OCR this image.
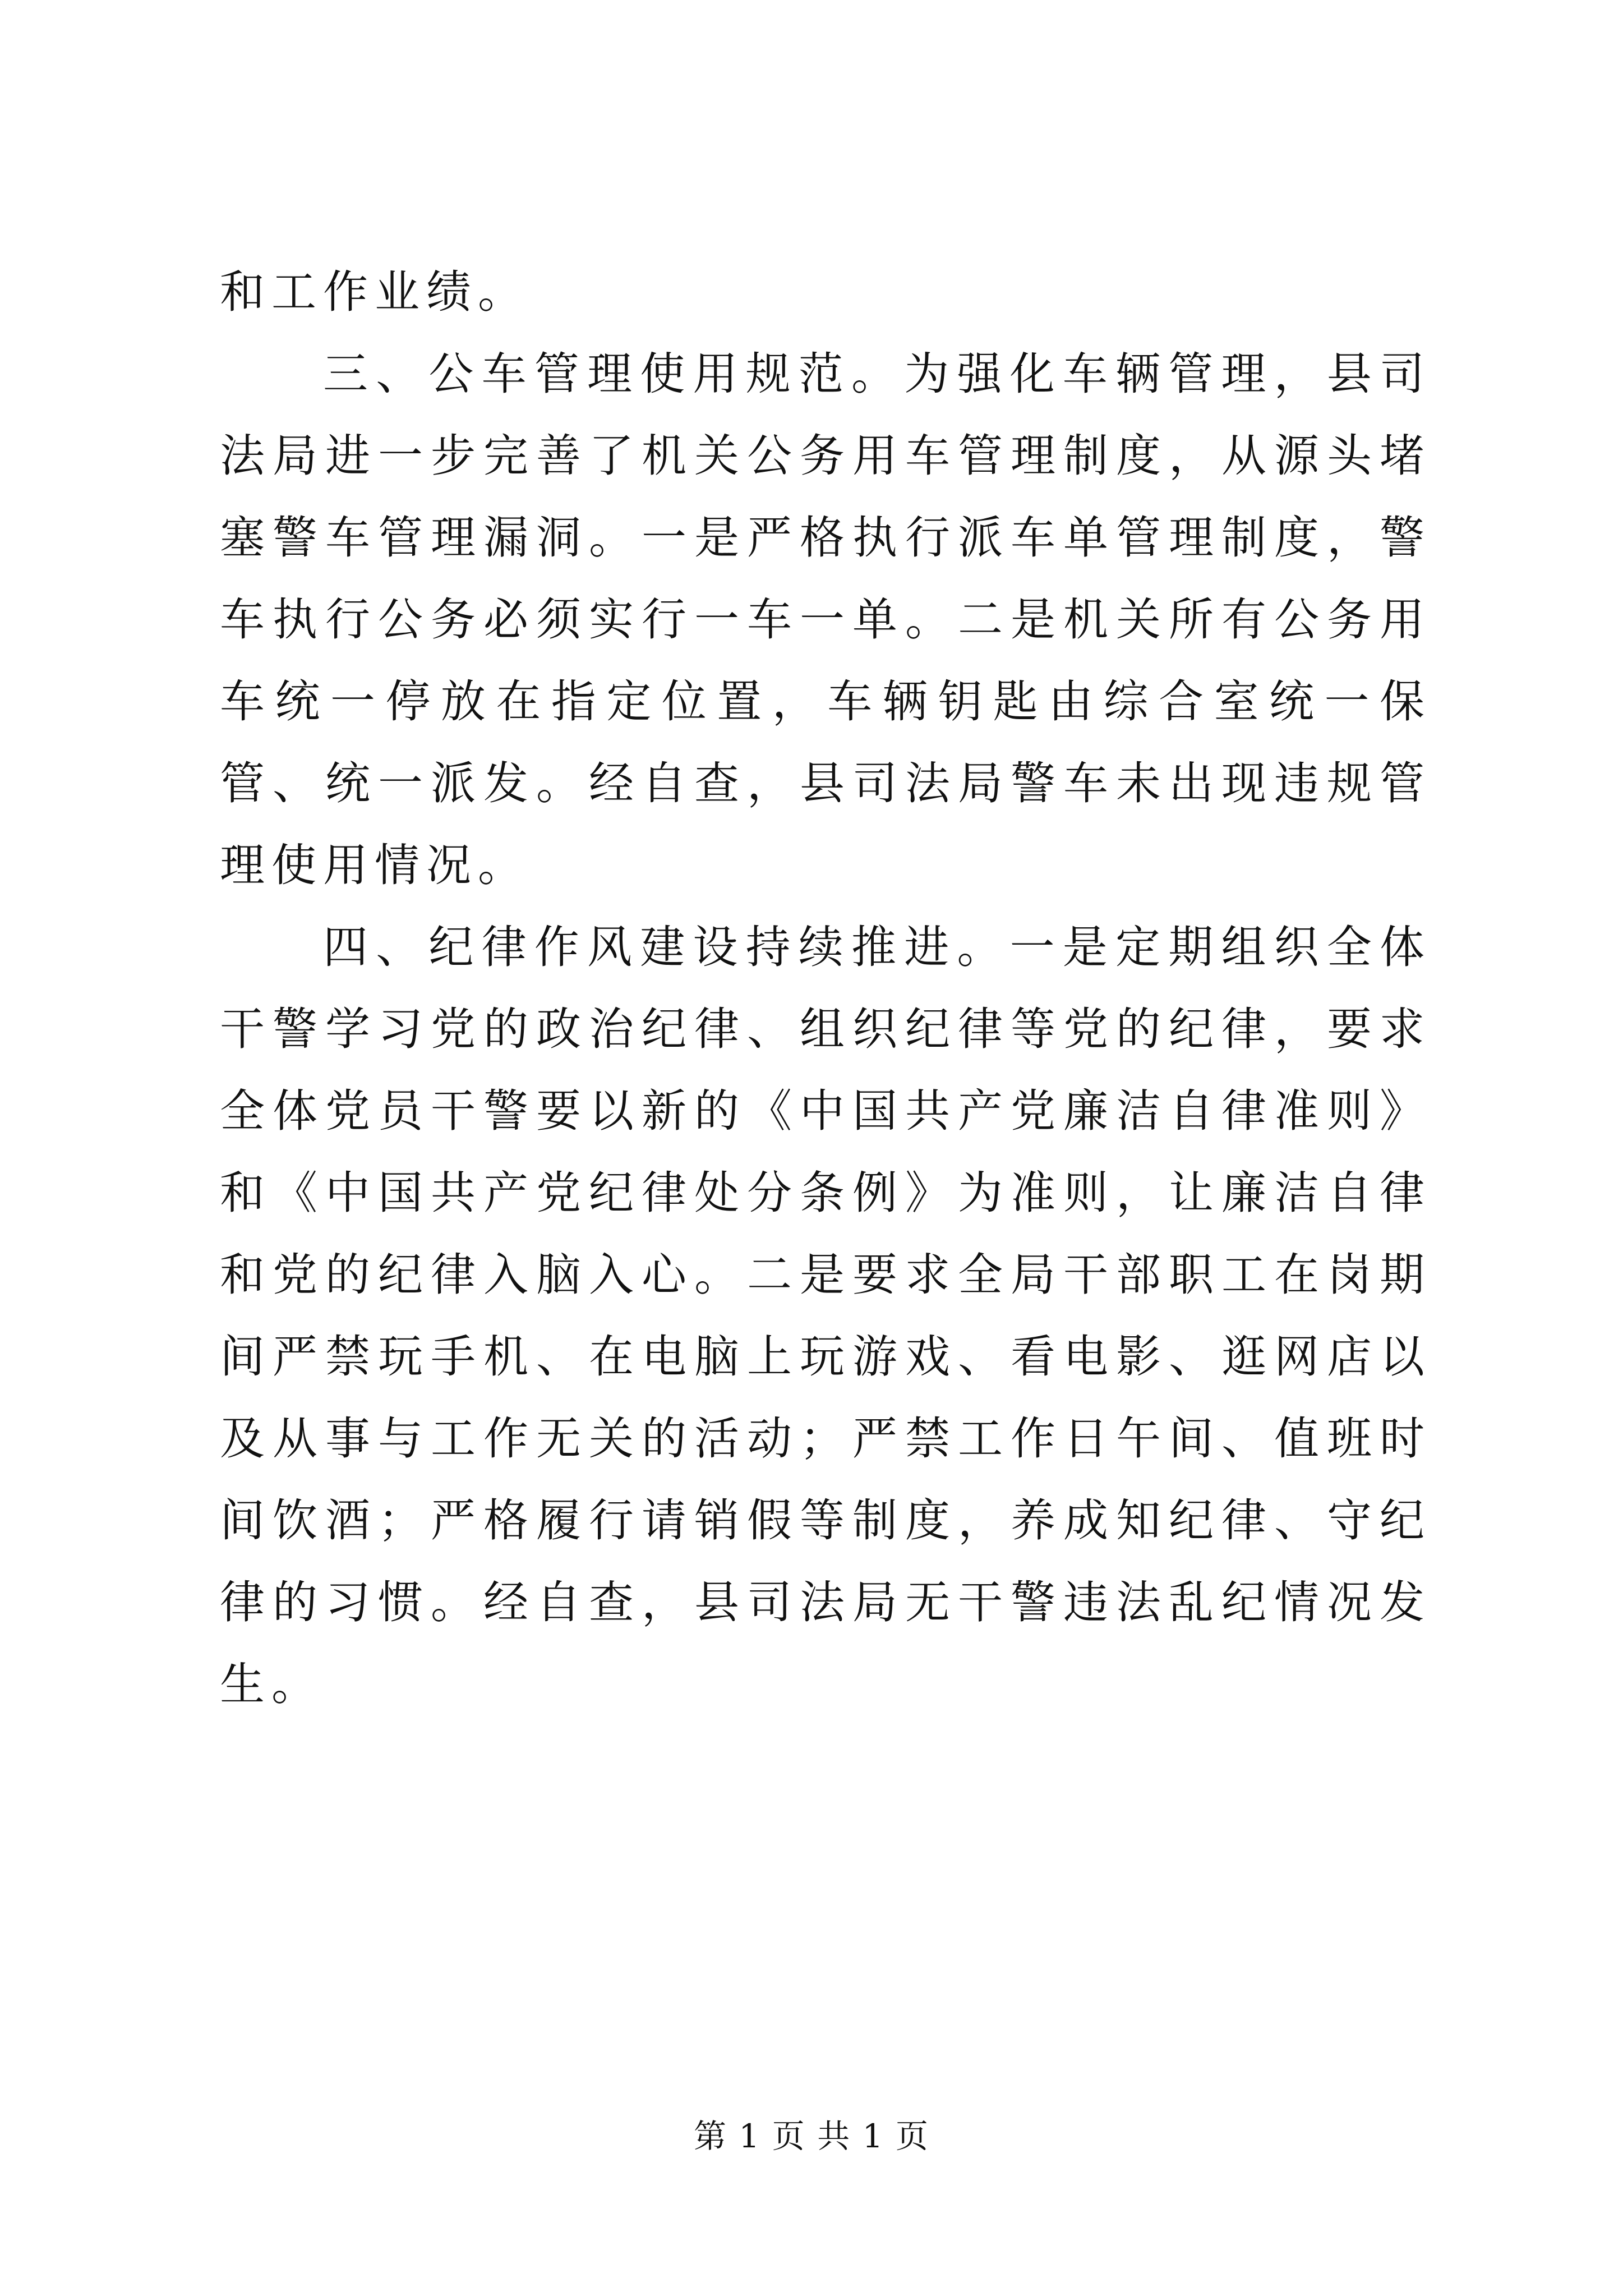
和工作业绩。

三、公车管理使用规范。为强化车辆管理，县司法局进一步完善了机关公务用车管理制度，从源头堵塞警车管理漏洞。一是严格执行派车单管理制度，警车执行公务必须实行一车一单。二是机关所有公务用车统一停放在指定位置，车辆钥匙由综合室统一保管、统一派发。经自查，县司法局警车未出现违规管理使用情况。

四、纪律作风建设持续推进。一是定期组织全体干警学习党的政治纪律、组织纪律等党的纪律，要求全体党员干警要以新的《中国共产党廉洁自律准则》和《中国共产党纪律处分条例》为准则，让廉洁自律和党的纪律入脑入心。二是要求全局干部职工在岗期间严禁玩手机、在电脑上玩游戏、看电影、逛网店以及从事与工作无关的活动；严禁工作日午间、值班时间饮酒；严格履行请销假等制度，养成知纪律、守纪律的习惯。经自查，县司法局无干警违法乱纪情况发生。

第 1 页 共 1 页
